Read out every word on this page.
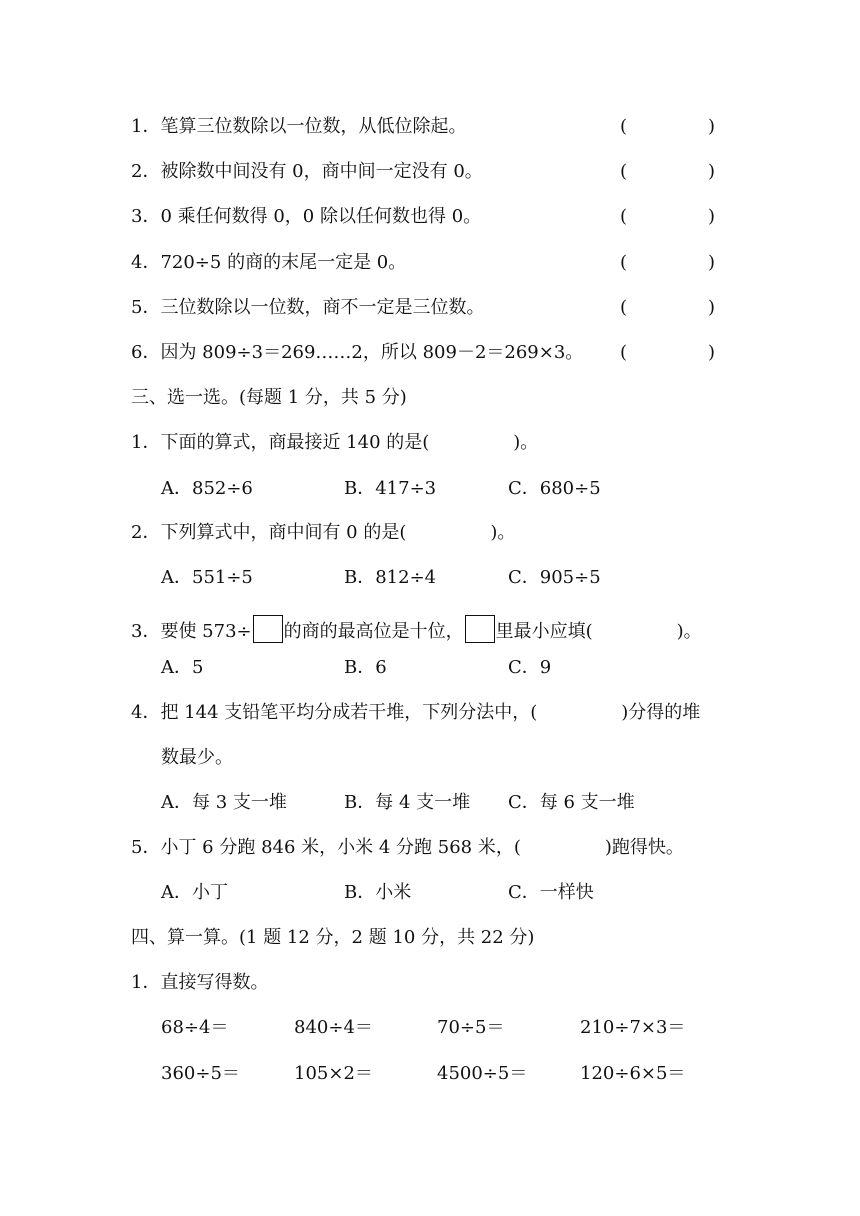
1．笔算三位数除以一位数，从低位除起。	(	)
2．被除数中间没有 0，商中间一定没有 0。	(	)
3．0 乘任何数得 0，0 除以任何数也得 0。	(	)
4．720÷5 的商的末尾一定是 0。	(	)
5．三位数除以一位数，商不一定是三位数。	(	)
6．因为 809÷3＝269……2，所以 809－2＝269×3。 (	)
三、选一选。(每题 1 分，共 5 分)
1．下面的算式，商最接近 140 的是(	)。
A．852÷6	B．417÷3	C．680÷5
2．下列算式中，商中间有 0 的是(	)。
A．551÷5	B．812÷4	C．905÷5
3．要使 573÷ 的商的最高位是十位， 里最小应填(	)。
A．5	B．6	C．9
4．把 144 支铅笔平均分成若干堆，下列分法中，(	)分得的堆
数最少。
A．每 3 支一堆	B．每 4 支一堆 C．每 6 支一堆
5．小丁 6 分跑 846 米，小米 4 分跑 568 米，(	)跑得快。
A．小丁	B．小米	C．一样快
四、算一算。(1 题 12 分，2 题 10 分，共 22 分)
1．直接写得数。
68÷4＝	840÷4＝	70÷5＝	210÷7×3＝
360÷5＝	105×2＝	4500÷5＝	120÷6×5＝
